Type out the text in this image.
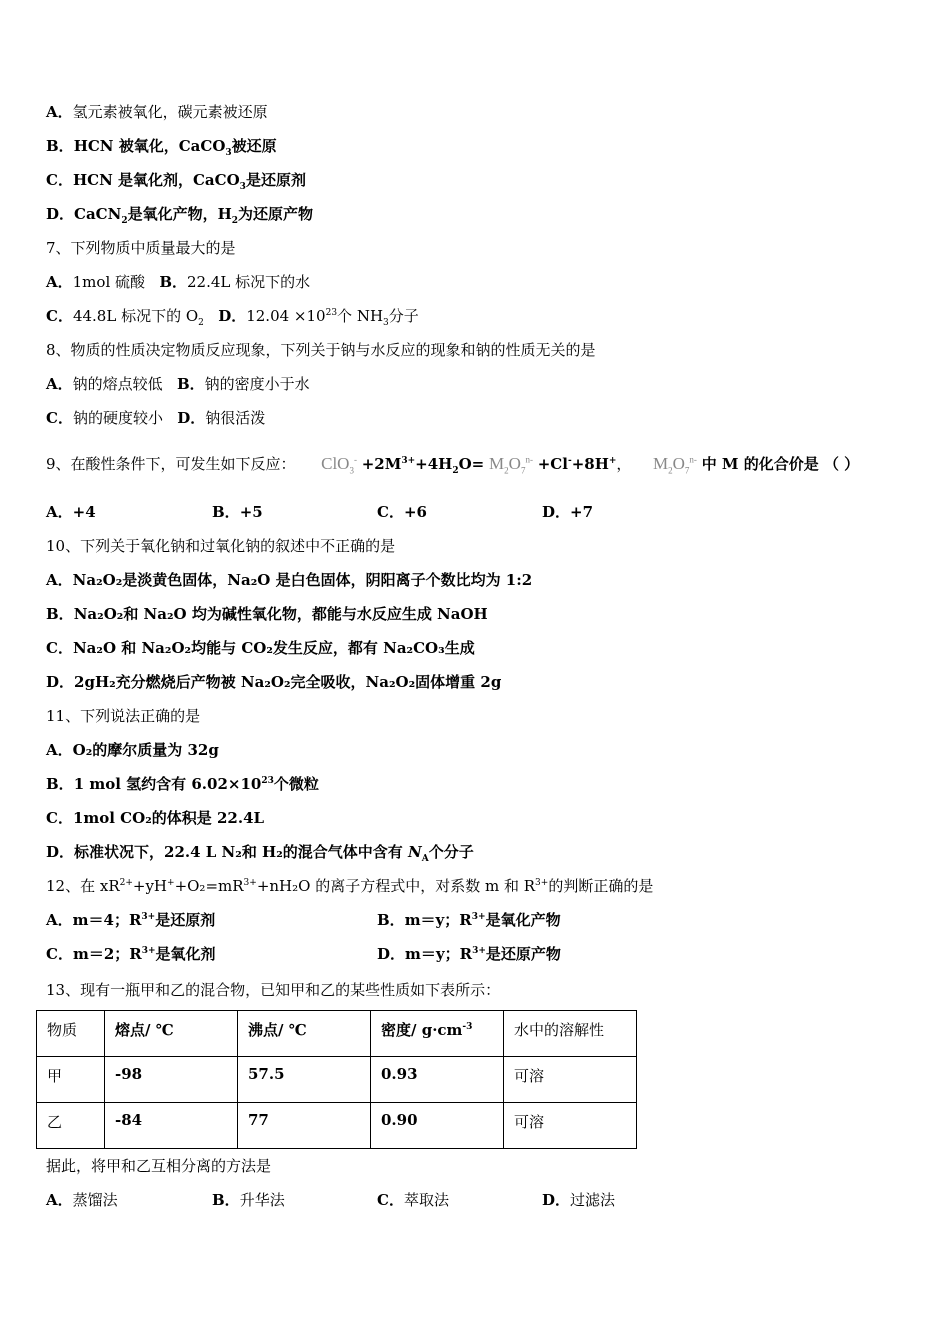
A．氢元素被氧化，碳元素被还原
B．HCN 被氧化，CaCO$_3$被还原
C．HCN 是氧化剂，CaCO$_3$是还原剂
D．CaCN$_2$是氧化产物，$H_2$为还原产物
7、下列物质中质量最大的是
A．1mol 硫酸 B．22.4L 标况下的水
C．44.8L 标况下的 $O_2$ D．$12.04 \times 10^{23}$个 $NH_3$分子
8、物质的性质决定物质反应现象，下列关于钠与水反应的现象和钠的性质无关的是
A．钠的熔点较低 B．钠的密度小于水
C．钠的硬度较小 D．钠很活泼
9、在酸性条件下，可发生如下反应： $ClO_3^- +2M^{3+}+4H_2O= M_2O_7^{n-} +Cl^-+8H^+$， $M_2O_7^{n-}$ 中 M 的化合价是 （ ）
A．+4	B．+5	C．+6	D．+7
10、下列关于氧化钠和过氧化钠的叙述中不正确的是
A．Na₂O₂是淡黄色固体，Na₂O 是白色固体，阴阳离子个数比均为 1:2
B．Na₂O₂和 Na₂O 均为碱性氧化物，都能与水反应生成 NaOH
C．Na₂O 和 Na₂O₂均能与 CO₂发生反应，都有 Na₂CO₃生成
D．2gH₂充分燃烧后产物被 Na₂O₂完全吸收，Na₂O₂固体增重 2g
11、下列说法正确的是
A．O₂的摩尔质量为 32g
B．1 mol 氢约含有 $6.02\times 10^{23}$个微粒
C．1mol CO₂的体积是 22.4L
D．标准状况下，22.4 L N₂和 H₂的混合气体中含有 $N_A$个分子
12、在 $xR^{2+}+yH^++O_2=mR^{3+}+nH_2O$ 的离子方程式中，对系数 m 和 $R^{3+}$的判断正确的是
A．m＝4；$R^{3+}$是还原剂	B．m＝y；$R^{3+}$是氧化产物
C．m＝2；$R^{3+}$是氧化剂	D．m＝y；$R^{3+}$是还原产物
13、现有一瓶甲和乙的混合物，已知甲和乙的某些性质如下表所示：
物质	熔点/ ℃	沸点/ ℃	密度/ $g\cdot cm^{-3}$	水中的溶解性
甲	-98	57.5	0.93	可溶
乙	-84	77	0.90	可溶
据此，将甲和乙互相分离的方法是
A．蒸馏法	B．升华法	C．萃取法	D．过滤法
